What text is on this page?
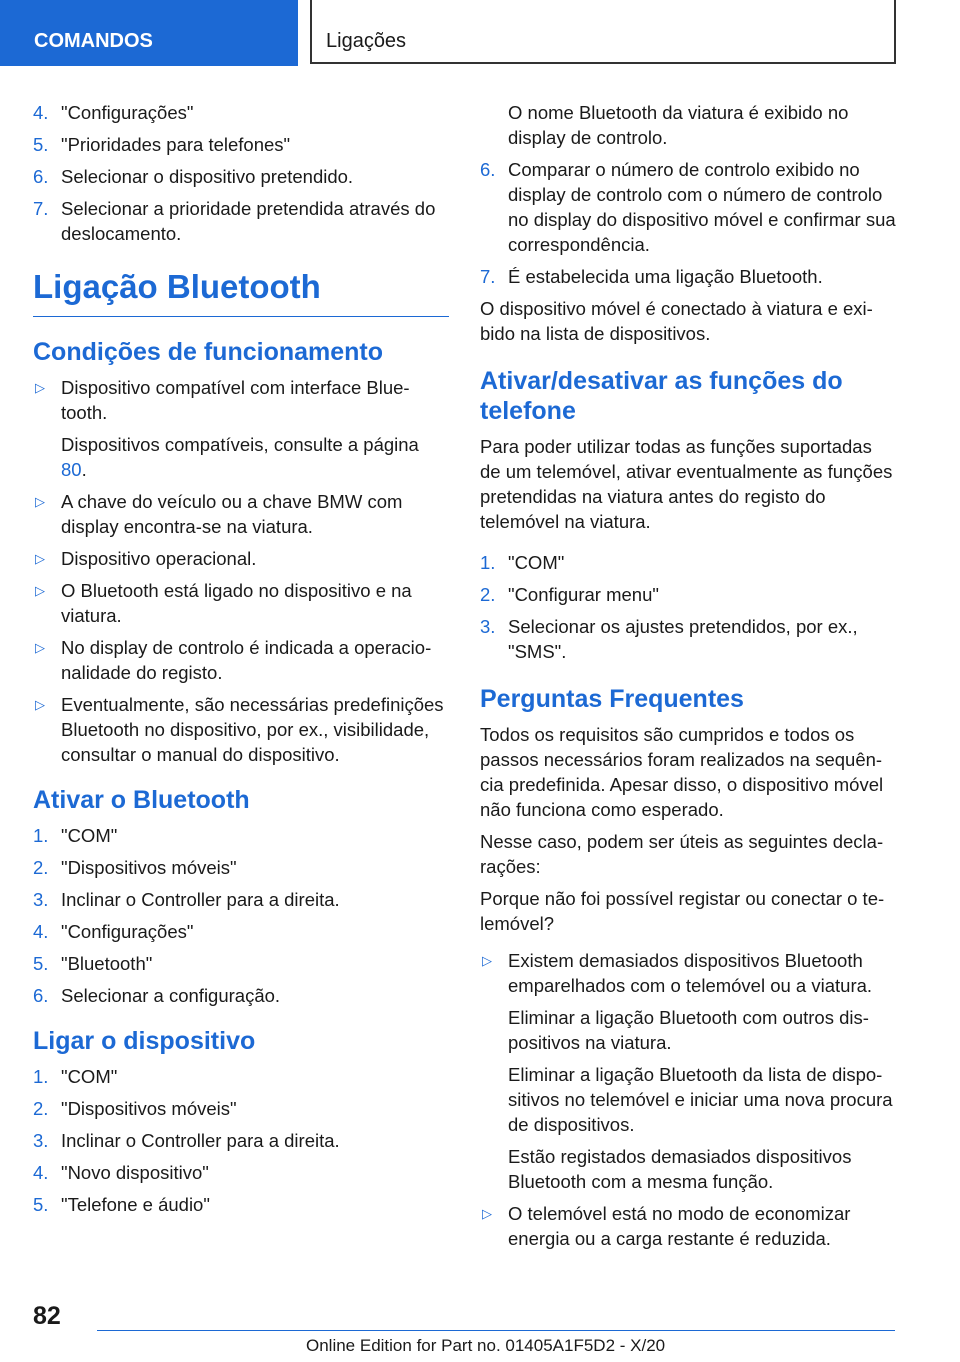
COMANDOS	Ligações
4. "Configurações"
5. "Prioridades para telefones"
6. Selecionar o dispositivo pretendido.
7. Selecionar a prioridade pretendida através do deslocamento.
Ligação Bluetooth
Condições de funcionamento
▷ Dispositivo compatível com interface Bluetooth.
Dispositivos compatíveis, consulte a página 80.
▷ A chave do veículo ou a chave BMW com display encontra-se na viatura.
▷ Dispositivo operacional.
▷ O Bluetooth está ligado no dispositivo e na viatura.
▷ No display de controlo é indicada a operacionalidade do registo.
▷ Eventualmente, são necessárias predefinições Bluetooth no dispositivo, por ex., visibilidade, consultar o manual do dispositivo.
Ativar o Bluetooth
1. "COM"
2. "Dispositivos móveis"
3. Inclinar o Controller para a direita.
4. "Configurações"
5. "Bluetooth"
6. Selecionar a configuração.
Ligar o dispositivo
1. "COM"
2. "Dispositivos móveis"
3. Inclinar o Controller para a direita.
4. "Novo dispositivo"
5. "Telefone e áudio"
O nome Bluetooth da viatura é exibido no display de controlo.
6. Comparar o número de controlo exibido no display de controlo com o número de controlo no display do dispositivo móvel e confirmar sua correspondência.
7. É estabelecida uma ligação Bluetooth.
O dispositivo móvel é conectado à viatura e exibido na lista de dispositivos.
Ativar/desativar as funções do telefone
Para poder utilizar todas as funções suportadas de um telemóvel, ativar eventualmente as funções pretendidas na viatura antes do registo do telemóvel na viatura.
1. "COM"
2. "Configurar menu"
3. Selecionar os ajustes pretendidos, por ex., "SMS".
Perguntas Frequentes
Todos os requisitos são cumpridos e todos os passos necessários foram realizados na sequência predefinida. Apesar disso, o dispositivo móvel não funciona como esperado.
Nesse caso, podem ser úteis as seguintes declarações:
Porque não foi possível registar ou conectar o telemóvel?
▷ Existem demasiados dispositivos Bluetooth emparelhados com o telemóvel ou a viatura.
Eliminar a ligação Bluetooth com outros dispositivos na viatura.
Eliminar a ligação Bluetooth da lista de dispositivos no telemóvel e iniciar uma nova procura de dispositivos.
Estão registados demasiados dispositivos Bluetooth com a mesma função.
▷ O telemóvel está no modo de economizar energia ou a carga restante é reduzida.
82
Online Edition for Part no. 01405A1F5D2 - X/20
